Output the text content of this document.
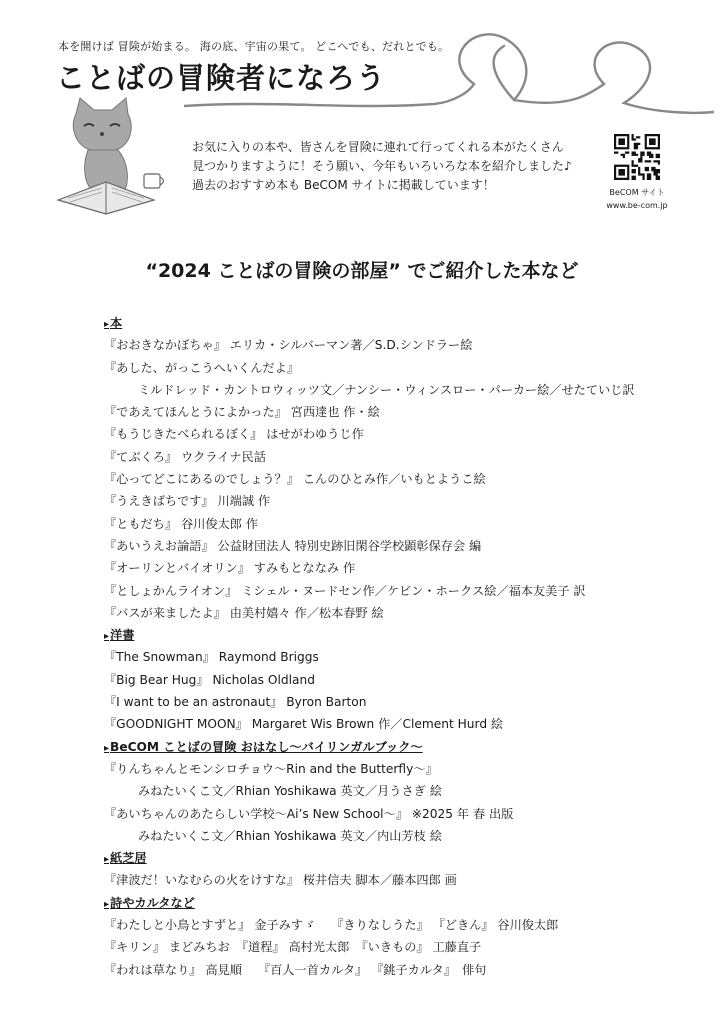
本を開けば 冒険が始まる。 海の底、宇宙の果て。 どこへでも、だれとでも。
ことばの冒険者になろう
お気に入りの本や、皆さんを冒険に連れて行ってくれる本がたくさん
見つかりますように！そう願い、今年もいろいろな本を紹介しました♪
過去のおすすめ本も BeCOM サイトに掲載しています！
BeCOM サイト
www.be-com.jp
“2024 ことばの冒険の部屋” でご紹介した本など
▸ 本
『おおきなかぼちゃ』 エリカ・シルバーマン著／S.D.シンドラー絵
『あした、がっこうへいくんだよ』
ミルドレッド・カントロウィッツ文／ナンシー・ウィンスロー・パーカー絵／せたていじ訳
『であえてほんとうによかった』 宮西達也 作・絵
『もうじきたべられるぼく』 はせがわゆうじ作
『てぶくろ』 ウクライナ民話
『心ってどこにあるのでしょう？』 こんのひとみ作／いもとようこ絵
『うえきばちです』 川端誠 作
『ともだち』 谷川俊太郎 作
『あいうえお論語』 公益財団法人 特別史跡旧閑谷学校顕彰保存会 編
『オーリンとバイオリン』 すみもとななみ 作
『としょかんライオン』 ミシェル・ヌードセン作／ケビン・ホークス絵／福本友美子 訳
『バスが来ましたよ』 由美村嬉々 作／松本春野 絵
▸ 洋書
『The Snowman』 Raymond Briggs
『Big Bear Hug』 Nicholas Oldland
『I want to be an astronaut』 Byron Barton
『GOODNIGHT MOON』 Margaret Wis Brown 作／Clement Hurd 絵
▸ BeCOM ことばの冒険 おはなし～バイリンガルブック～
『りんちゃんとモンシロチョウ～Rin and the Butterfly～』
みねたいくこ文／Rhian Yoshikawa 英文／月うさぎ 絵
『あいちゃんのあたらしい学校～Ai’s New School～』 ※2025 年 春 出版
みねたいくこ文／Rhian Yoshikawa 英文／内山芳枝 絵
▸ 紙芝居
『津波だ！いなむらの火をけすな』 桜井信夫 脚本／藤本四郎 画
▸ 詩やカルタなど
『わたしと小鳥とすずと』 金子みすゞ　 『きりなしうた』 『どきん』 谷川俊太郎
『キリン』 まどみちお　『道程』 高村光太郎　『いきもの』 工藤直子
『われは草なり』 高見順　 『百人一首カルタ』 『銚子カルタ』　俳句
